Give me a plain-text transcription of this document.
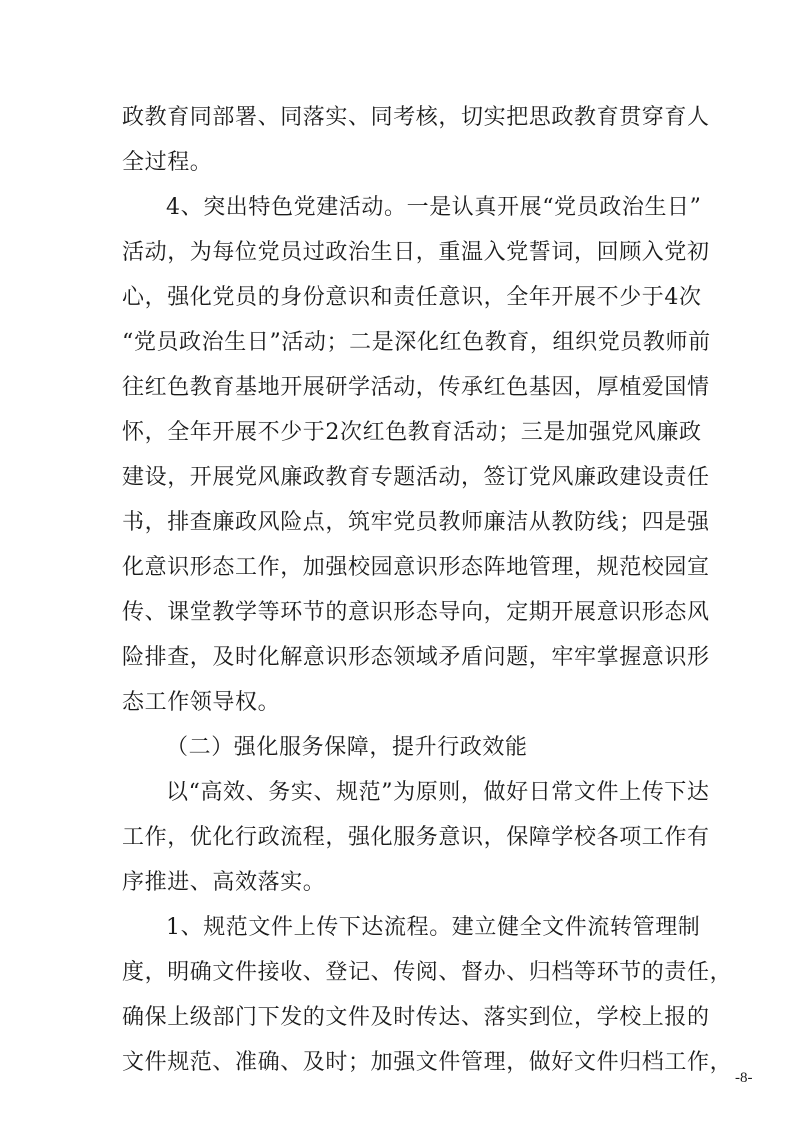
政教育同部署、同落实、同考核，切实把思政教育贯穿育人
全过程。
4、突出特色党建活动。一是认真开展“党员政治生日”
活动，为每位党员过政治生日，重温入党誓词，回顾入党初
心，强化党员的身份意识和责任意识，全年开展不少于4次
“党员政治生日”活动；二是深化红色教育，组织党员教师前
往红色教育基地开展研学活动，传承红色基因，厚植爱国情
怀，全年开展不少于2次红色教育活动；三是加强党风廉政
建设，开展党风廉政教育专题活动，签订党风廉政建设责任
书，排查廉政风险点，筑牢党员教师廉洁从教防线；四是强
化意识形态工作，加强校园意识形态阵地管理，规范校园宣
传、课堂教学等环节的意识形态导向，定期开展意识形态风
险排查，及时化解意识形态领域矛盾问题，牢牢掌握意识形
态工作领导权。
（二）强化服务保障，提升行政效能
以“高效、务实、规范”为原则，做好日常文件上传下达
工作，优化行政流程，强化服务意识，保障学校各项工作有
序推进、高效落实。
1、规范文件上传下达流程。建立健全文件流转管理制
度，明确文件接收、登记、传阅、督办、归档等环节的责任，
确保上级部门下发的文件及时传达、落实到位，学校上报的
文件规范、准确、及时；加强文件管理，做好文件归档工作，
-8-
